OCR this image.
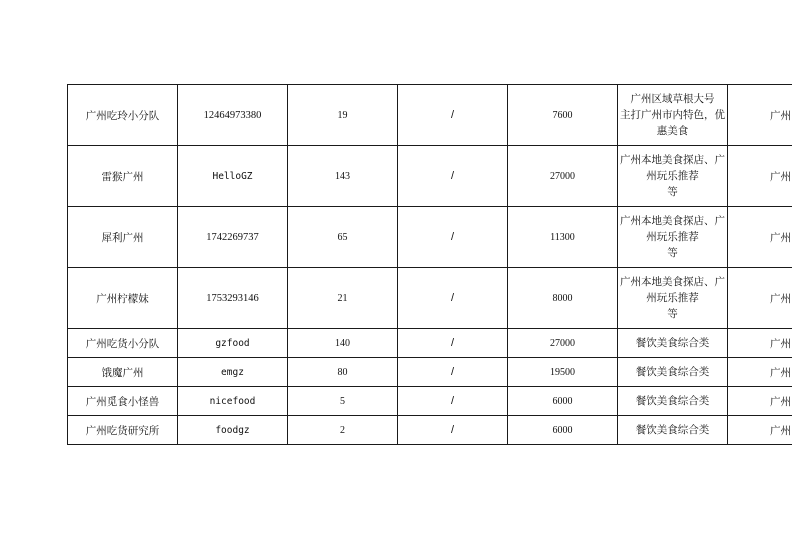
广州吃玲小分队	12464973380	19	/	7600	广州区域草根大号
主打广州市内特色，优
惠美食	广州
雷猴广州	HelloGZ	143	/	27000	广州本地美食探店、广
州玩乐推荐
等	广州
犀利广州	1742269737	65	/	11300	广州本地美食探店、广
州玩乐推荐
等	广州
广州柠檬妹	1753293146	21	/	8000	广州本地美食探店、广
州玩乐推荐
等	广州
广州吃货小分队	gzfood	140	/	27000	餐饮美食综合类	广州
饿魔广州	emgz	80	/	19500	餐饮美食综合类	广州
广州觅食小怪兽	nicefood	5	/	6000	餐饮美食综合类	广州
广州吃货研究所	foodgz	2	/	6000	餐饮美食综合类	广州
